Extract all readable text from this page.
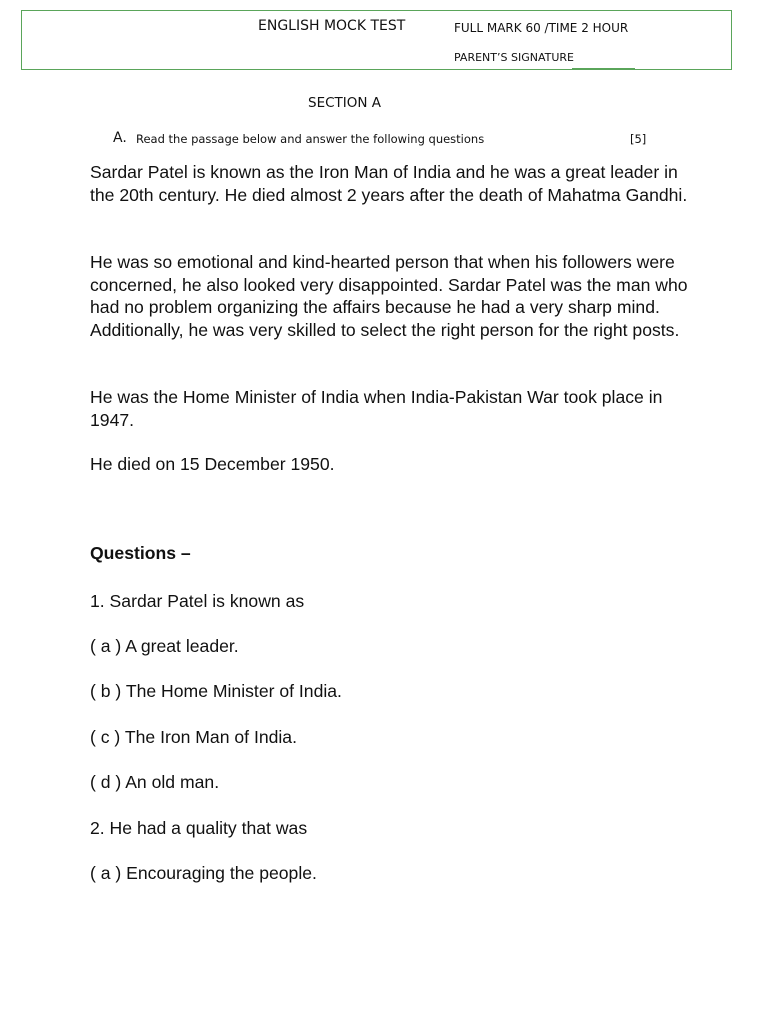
ENGLISH MOCK TEST	FULL MARK 60 /TIME 2 HOUR
PARENT’S SIGNATURE
SECTION A
A. Read the passage below and answer the following questions	[5]

Sardar Patel is known as the Iron Man of India and he was a great leader in the 20th century. He died almost 2 years after the death of Mahatma Gandhi.

He was so emotional and kind-hearted person that when his followers were concerned, he also looked very disappointed. Sardar Patel was the man who had no problem organizing the affairs because he had a very sharp mind. Additionally, he was very skilled to select the right person for the right posts.

He was the Home Minister of India when India-Pakistan War took place in 1947.

He died on 15 December 1950.

Questions –
1. Sardar Patel is known as
( a ) A great leader.
( b ) The Home Minister of India.
( c ) The Iron Man of India.
( d ) An old man.
2. He had a quality that was
( a ) Encouraging the people.
